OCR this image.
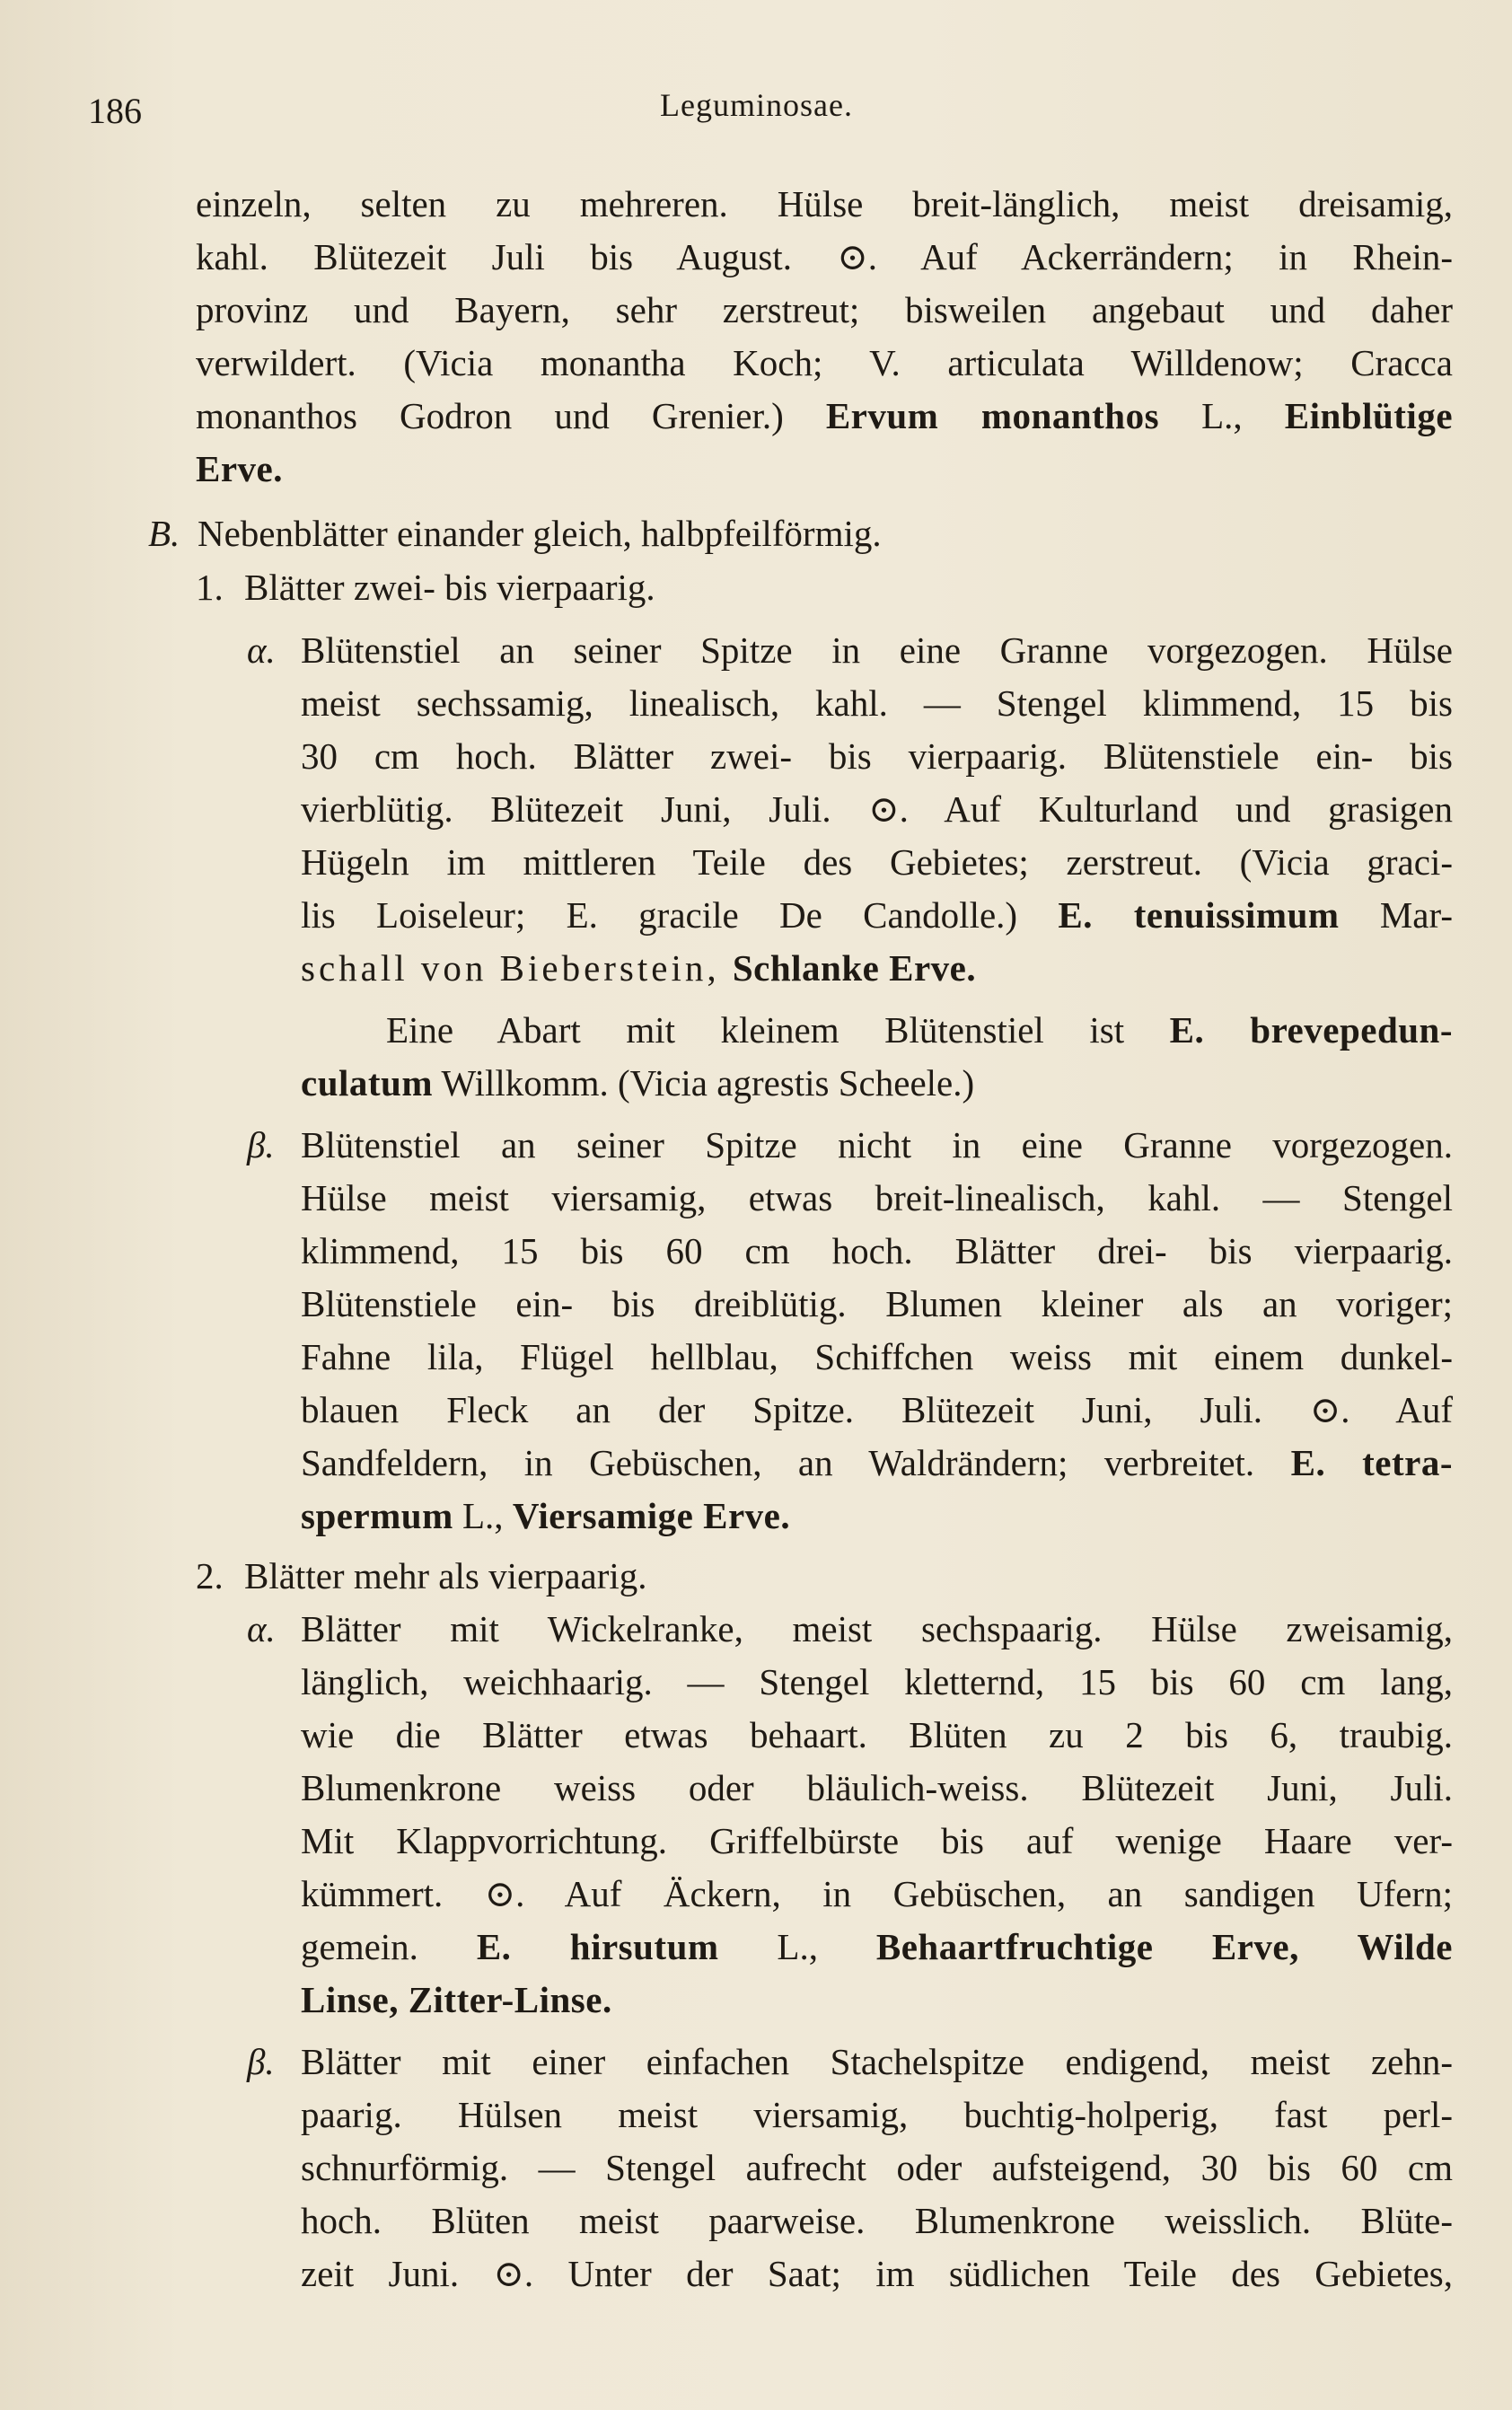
186	Leguminosae.
einzeln, selten zu mehreren. Hülse breit-länglich, meist dreisamig,
kahl. Blütezeit Juli bis August. ⊙. Auf Ackerrändern; in Rhein-
provinz und Bayern, sehr zerstreut; bisweilen angebaut und daher
verwildert. (Vicia monantha Koch; V. articulata Willdenow; Cracca
monanthos Godron und Grenier.) Ervum monanthos L., Einblütige
Erve.
B. Nebenblätter einander gleich, halbpfeilförmig.
1. Blätter zwei- bis vierpaarig.
α. Blütenstiel an seiner Spitze in eine Granne vorgezogen. Hülse
meist sechssamig, linealisch, kahl. — Stengel klimmend, 15 bis
30 cm hoch. Blätter zwei- bis vierpaarig. Blütenstiele ein- bis
vierblütig. Blütezeit Juni, Juli. ⊙. Auf Kulturland und grasigen
Hügeln im mittleren Teile des Gebietes; zerstreut. (Vicia graci-
lis Loiseleur; E. gracile De Candolle.) E. tenuissimum Mar-
schall von Bieberstein, Schlanke Erve.
Eine Abart mit kleinem Blütenstiel ist E. brevepedun-
culatum Willkomm. (Vicia agrestis Scheele.)
β. Blütenstiel an seiner Spitze nicht in eine Granne vorgezogen.
Hülse meist viersamig, etwas breit-linealisch, kahl. — Stengel
klimmend, 15 bis 60 cm hoch. Blätter drei- bis vierpaarig.
Blütenstiele ein- bis dreiblütig. Blumen kleiner als an voriger;
Fahne lila, Flügel hellblau, Schiffchen weiss mit einem dunkel-
blauen Fleck an der Spitze. Blütezeit Juni, Juli. ⊙. Auf
Sandfeldern, in Gebüschen, an Waldrändern; verbreitet. E. tetra-
spermum L., Viersamige Erve.
2. Blätter mehr als vierpaarig.
α. Blätter mit Wickelranke, meist sechspaarig. Hülse zweisamig,
länglich, weichhaarig. — Stengel kletternd, 15 bis 60 cm lang,
wie die Blätter etwas behaart. Blüten zu 2 bis 6, traubig.
Blumenkrone weiss oder bläulich-weiss. Blütezeit Juni, Juli.
Mit Klappvorrichtung. Griffelbürste bis auf wenige Haare ver-
kümmert. ⊙. Auf Äckern, in Gebüschen, an sandigen Ufern;
gemein. E. hirsutum L., Behaartfruchtige Erve, Wilde
Linse, Zitter-Linse.
β. Blätter mit einer einfachen Stachelspitze endigend, meist zehn-
paarig. Hülsen meist viersamig, buchtig-holperig, fast perl-
schnurförmig. — Stengel aufrecht oder aufsteigend, 30 bis 60 cm
hoch. Blüten meist paarweise. Blumenkrone weisslich. Blüte-
zeit Juni. ⊙. Unter der Saat; im südlichen Teile des Gebietes,
